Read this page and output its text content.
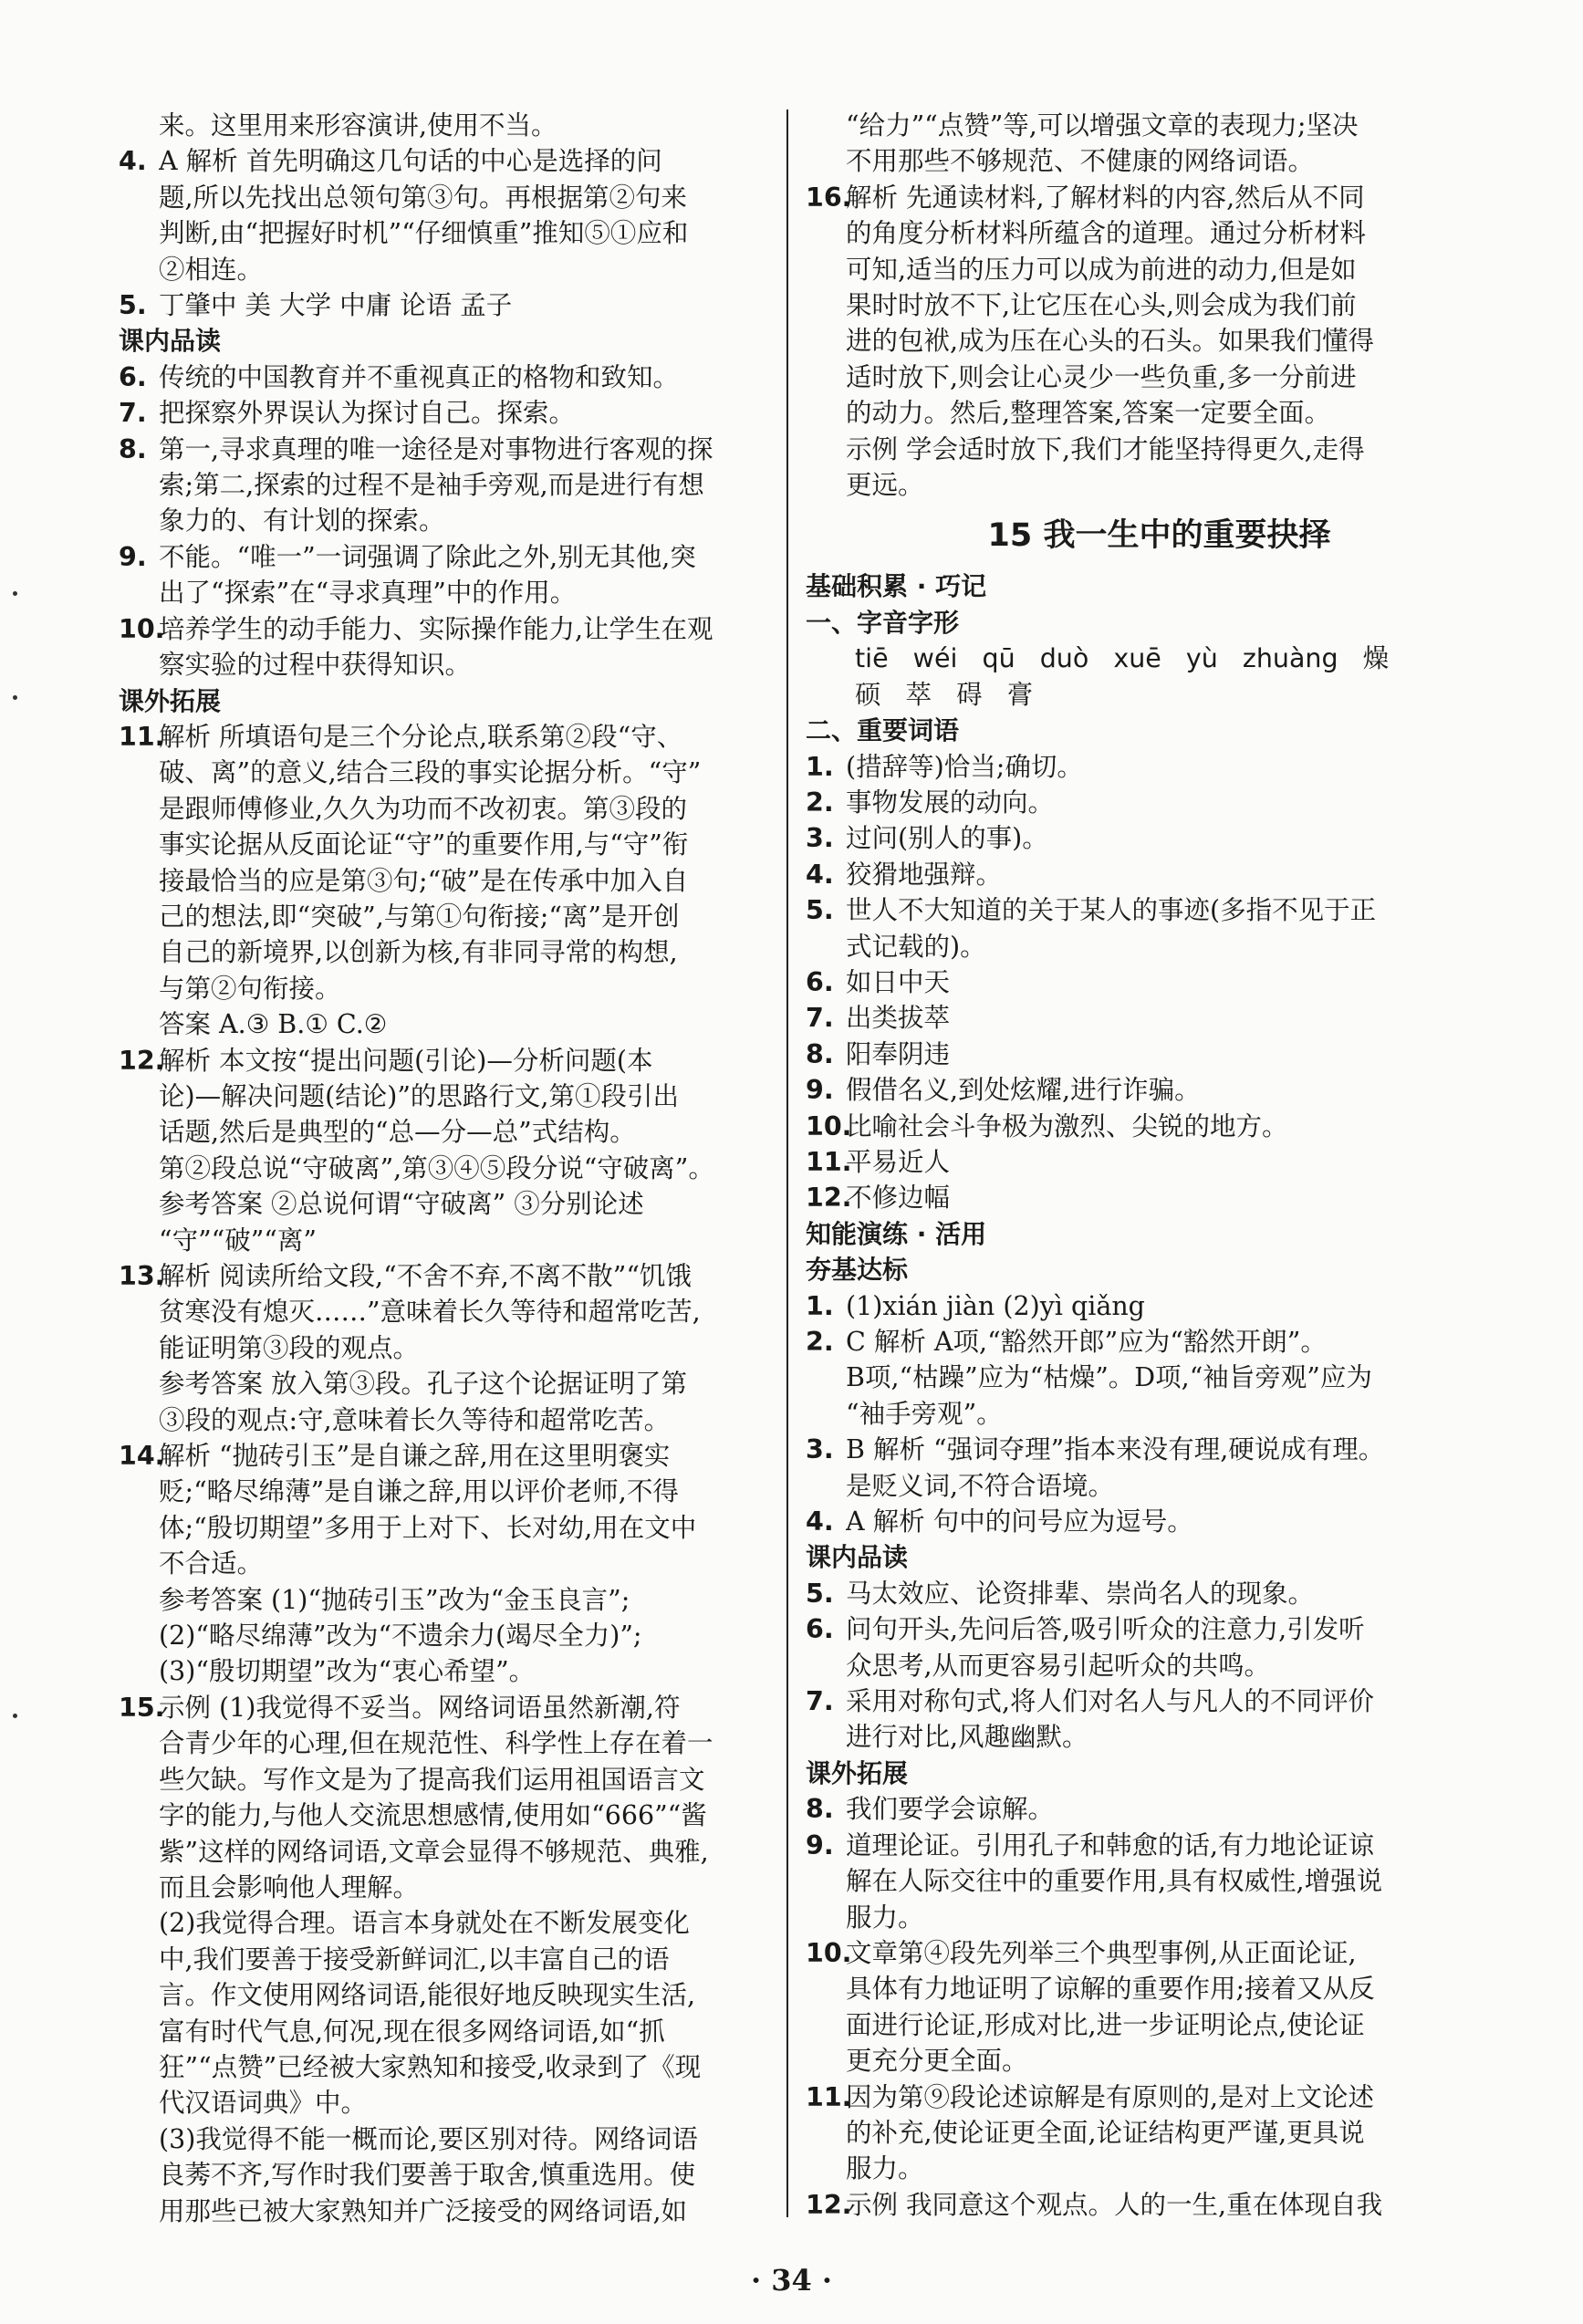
来。这里用来形容演讲,使用不当。
4. A 解析 首先明确这几句话的中心是选择的问
题,所以先找出总领句第③句。再根据第②句来
判断,由“把握好时机”“仔细慎重”推知⑤①应和
②相连。
5. 丁肇中 美 大学 中庸 论语 孟子
课内品读
6. 传统的中国教育并不重视真正的格物和致知。
7. 把探察外界误认为探讨自己。探索。
8. 第一,寻求真理的唯一途径是对事物进行客观的探
索;第二,探索的过程不是袖手旁观,而是进行有想
象力的、有计划的探索。
9. 不能。“唯一”一词强调了除此之外,别无其他,突
出了“探索”在“寻求真理”中的作用。
10.
培养学生的动手能力、实际操作能力,让学生在观
察实验的过程中获得知识。
课外拓展
11.
解析 所填语句是三个分论点,联系第②段“守、
破、离”的意义,结合三段的事实论据分析。“守”
是跟师傅修业,久久为功而不改初衷。第③段的
事实论据从反面论证“守”的重要作用,与“守”衔
接最恰当的应是第③句;“破”是在传承中加入自
己的想法,即“突破”,与第①句衔接;“离”是开创
自己的新境界,以创新为核,有非同寻常的构想,
与第②句衔接。
答案 A.③ B.① C.②
12.
解析 本文按“提出问题(引论)—分析问题(本
论)—解决问题(结论)”的思路行文,第①段引出
话题,然后是典型的“总—分—总”式结构。
第②段总说“守破离”,第③④⑤段分说“守破离”。
参考答案 ②总说何谓“守破离” ③分别论述
“守”“破”“离”
13.
解析 阅读所给文段,“不舍不弃,不离不散”“饥饿
贫寒没有熄灭……”意味着长久等待和超常吃苦,
能证明第③段的观点。
参考答案 放入第③段。孔子这个论据证明了第
③段的观点:守,意味着长久等待和超常吃苦。
14.
解析 “抛砖引玉”是自谦之辞,用在这里明褒实
贬;“略尽绵薄”是自谦之辞,用以评价老师,不得
体;“殷切期望”多用于上对下、长对幼,用在文中
不合适。
参考答案 (1)“抛砖引玉”改为“金玉良言”;
(2)“略尽绵薄”改为“不遗余力(竭尽全力)”;
(3)“殷切期望”改为“衷心希望”。
15.
示例 (1)我觉得不妥当。网络词语虽然新潮,符
合青少年的心理,但在规范性、科学性上存在着一
些欠缺。写作文是为了提高我们运用祖国语言文
字的能力,与他人交流思想感情,使用如“666”“酱
紫”这样的网络词语,文章会显得不够规范、典雅,
而且会影响他人理解。
(2)我觉得合理。语言本身就处在不断发展变化
中,我们要善于接受新鲜词汇,以丰富自己的语
言。作文使用网络词语,能很好地反映现实生活,
富有时代气息,何况,现在很多网络词语,如“抓
狂”“点赞”已经被大家熟知和接受,收录到了《现
代汉语词典》中。
(3)我觉得不能一概而论,要区别对待。网络词语
良莠不齐,写作时我们要善于取舍,慎重选用。使
用那些已被大家熟知并广泛接受的网络词语,如
“给力”“点赞”等,可以增强文章的表现力;坚决
不用那些不够规范、不健康的网络词语。
16.
解析 先通读材料,了解材料的内容,然后从不同
的角度分析材料所蕴含的道理。通过分析材料
可知,适当的压力可以成为前进的动力,但是如
果时时放不下,让它压在心头,则会成为我们前
进的包袱,成为压在心头的石头。如果我们懂得
适时放下,则会让心灵少一些负重,多一分前进
的动力。然后,整理答案,答案一定要全面。
示例 学会适时放下,我们才能坚持得更久,走得
更远。
15 我一生中的重要抉择
基础积累 · 巧记
一、字音字形
tiē wéi qū duò xuē yù zhuàng 燥
硕 萃 碍 膏
二、重要词语
1. (措辞等)恰当;确切。
2. 事物发展的动向。
3. 过问(别人的事)。
4. 狡猾地强辩。
5. 世人不大知道的关于某人的事迹(多指不见于正
式记载的)。
6. 如日中天
7. 出类拔萃
8. 阳奉阴违
9. 假借名义,到处炫耀,进行诈骗。
10.
比喻社会斗争极为激烈、尖锐的地方。
11.
平易近人
12.
不修边幅
知能演练 · 活用
夯基达标
1. (1)xián jiàn (2)yì qiǎng
2. C 解析 A项,“豁然开郎”应为“豁然开朗”。
B项,“枯躁”应为“枯燥”。D项,“袖旨旁观”应为
“袖手旁观”。
3. B 解析 “强词夺理”指本来没有理,硬说成有理。
是贬义词,不符合语境。
4. A 解析 句中的问号应为逗号。
课内品读
5. 马太效应、论资排辈、崇尚名人的现象。
6. 问句开头,先问后答,吸引听众的注意力,引发听
众思考,从而更容易引起听众的共鸣。
7. 采用对称句式,将人们对名人与凡人的不同评价
进行对比,风趣幽默。
课外拓展
8. 我们要学会谅解。
9. 道理论证。引用孔子和韩愈的话,有力地论证谅
解在人际交往中的重要作用,具有权威性,增强说
服力。
10.
文章第④段先列举三个典型事例,从正面论证,
具体有力地证明了谅解的重要作用;接着又从反
面进行论证,形成对比,进一步证明论点,使论证
更充分更全面。
11.
因为第⑨段论述谅解是有原则的,是对上文论述
的补充,使论证更全面,论证结构更严谨,更具说
服力。
12.
示例 我同意这个观点。人的一生,重在体现自我
· 34 ·
